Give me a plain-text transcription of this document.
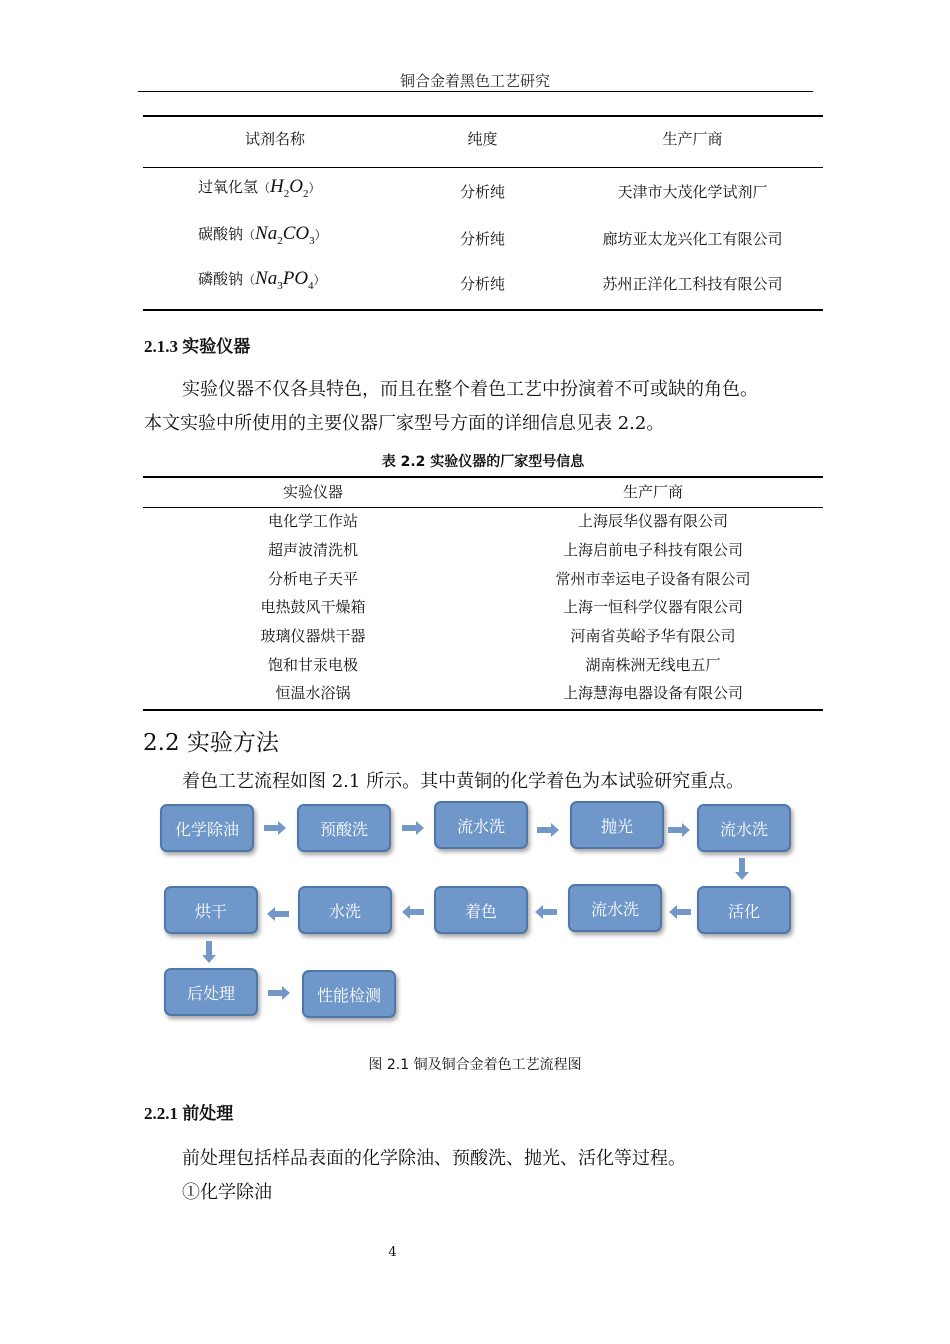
铜合金着黑色工艺研究
试剂名称	纯度	生产厂商
过氧化氢$(H_2O_2)$	分析纯	天津市大茂化学试剂厂
碳酸钠$(Na_2CO_3)$	分析纯	廊坊亚太龙兴化工有限公司
磷酸钠$(Na_3PO_4)$	分析纯	苏州正洋化工科技有限公司
2.1.3 实验仪器
实验仪器不仅各具特色，而且在整个着色工艺中扮演着不可或缺的角色。
本文实验中所使用的主要仪器厂家型号方面的详细信息见表 2.2。
表 2.2 实验仪器的厂家型号信息
实验仪器	生产厂商
电化学工作站	上海辰华仪器有限公司
超声波清洗机	上海启前电子科技有限公司
分析电子天平	常州市幸运电子设备有限公司
电热鼓风干燥箱	上海一恒科学仪器有限公司
玻璃仪器烘干器	河南省英峪予华有限公司
饱和甘汞电极	湖南株洲无线电五厂
恒温水浴锅	上海慧海电器设备有限公司
2.2 实验方法
着色工艺流程如图 2.1 所示。其中黄铜的化学着色为本试验研究重点。
化学除油	预酸洗	流水洗	抛光	流水洗
活化
流水洗
着色
水洗
烘干
后处理	性能检测
图 2.1 铜及铜合金着色工艺流程图
2.2.1 前处理
前处理包括样品表面的化学除油、预酸洗、抛光、活化等过程。
①化学除油
4
